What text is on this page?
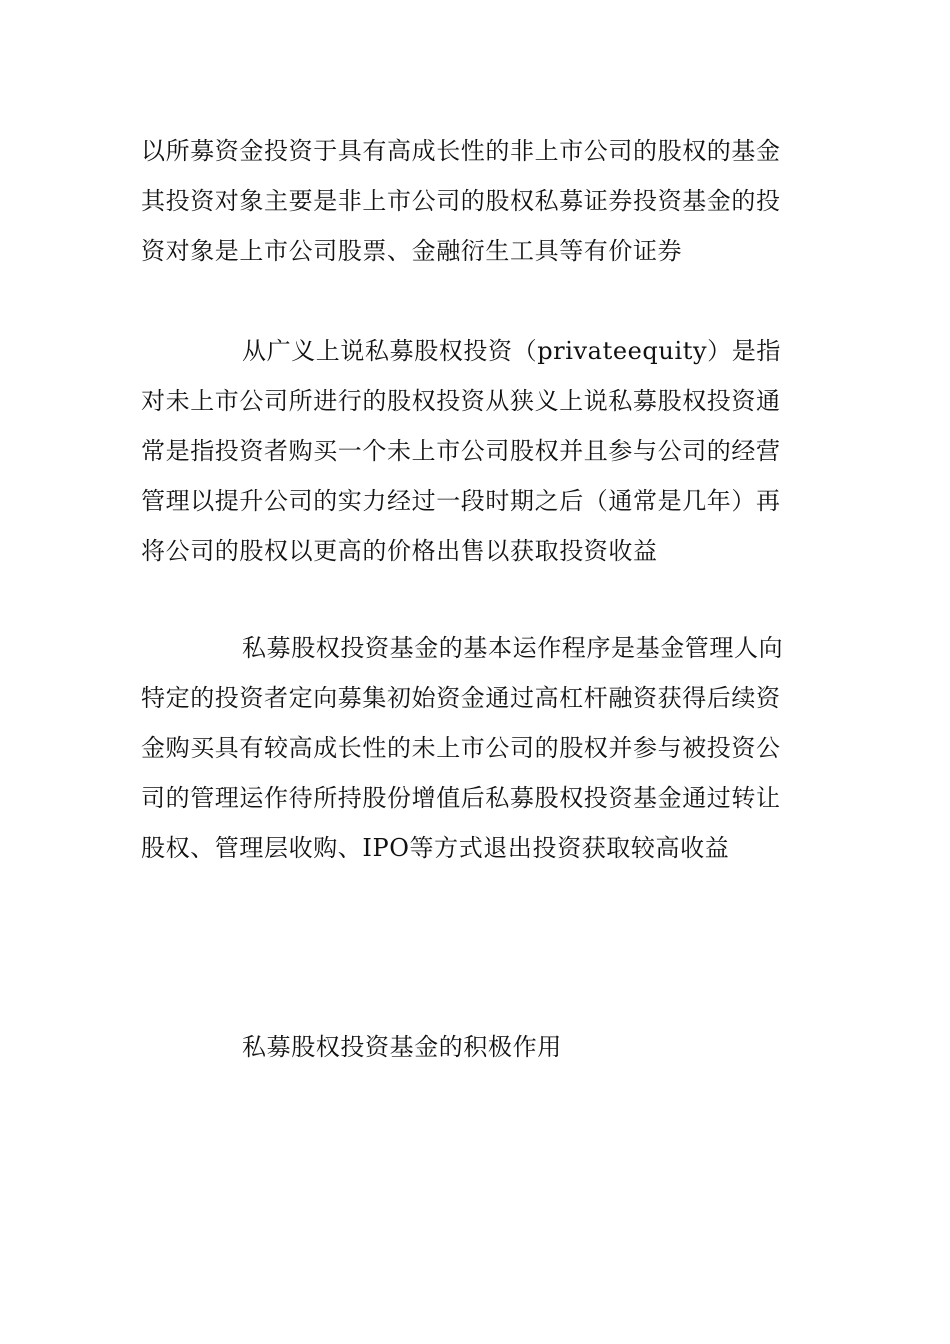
以所募资金投资于具有高成长性的非上市公司的股权的基金
其投资对象主要是非上市公司的股权私募证券投资基金的投
资对象是上市公司股票、金融衍生工具等有价证券
从广义上说私募股权投资（privateequity）是指
对未上市公司所进行的股权投资从狭义上说私募股权投资通
常是指投资者购买一个未上市公司股权并且参与公司的经营
管理以提升公司的实力经过一段时期之后（通常是几年）再
将公司的股权以更高的价格出售以获取投资收益
私募股权投资基金的基本运作程序是基金管理人向
特定的投资者定向募集初始资金通过高杠杆融资获得后续资
金购买具有较高成长性的未上市公司的股权并参与被投资公
司的管理运作待所持股份增值后私募股权投资基金通过转让
股权、管理层收购、IPO等方式退出投资获取较高收益
私募股权投资基金的积极作用
